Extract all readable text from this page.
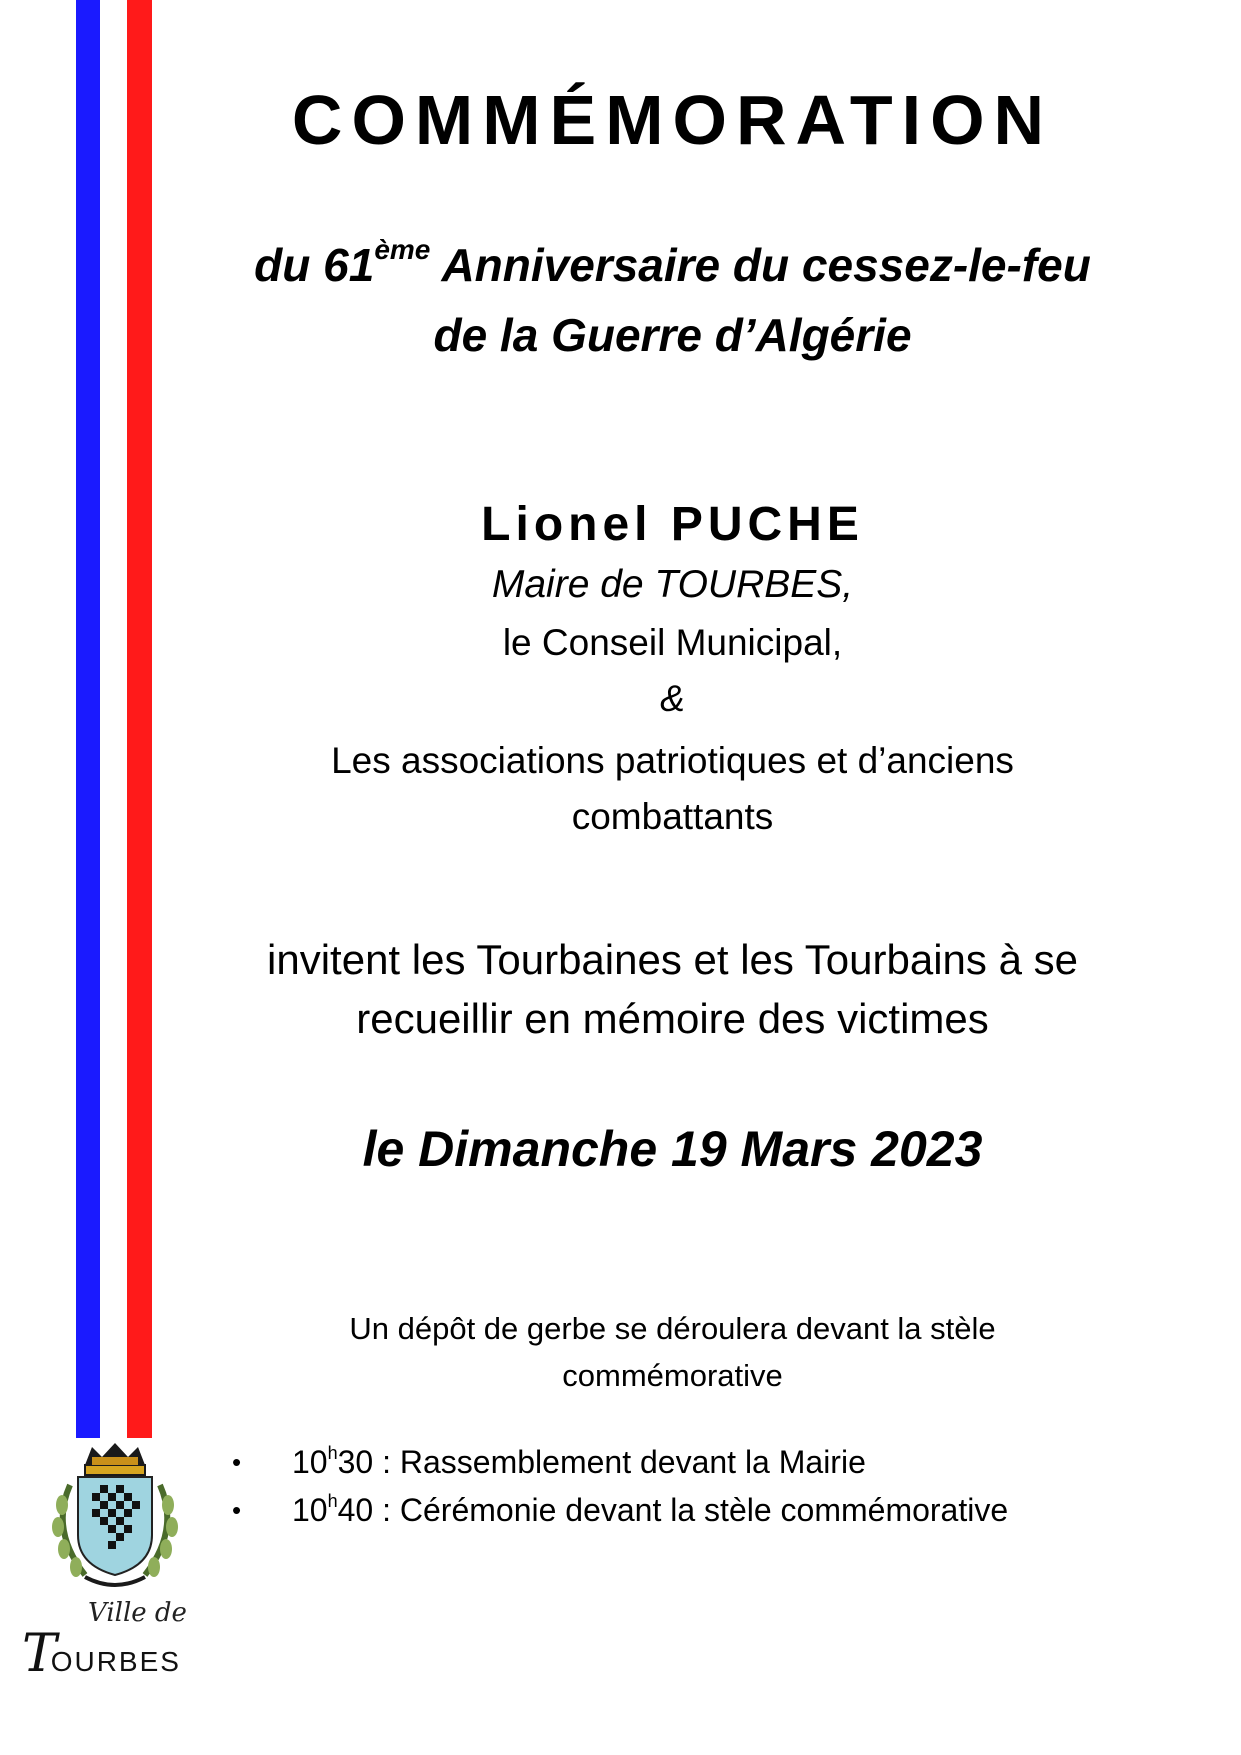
Ville de
TOURBES
COMMÉMORATION
du 61ème Anniversaire du cessez-le-feu
de la Guerre d’Algérie
Lionel PUCHE
Maire de TOURBES,
le Conseil Municipal,
&
Les associations patriotiques et d’anciens
combattants
invitent les Tourbaines et les Tourbains à se
recueillir en mémoire des victimes
le Dimanche 19 Mars 2023
Un dépôt de gerbe se déroulera devant la stèle
commémorative
• 10$^h$30 : Rassemblement devant la Mairie
• 10$^h$40 : Cérémonie devant la stèle commémorative
